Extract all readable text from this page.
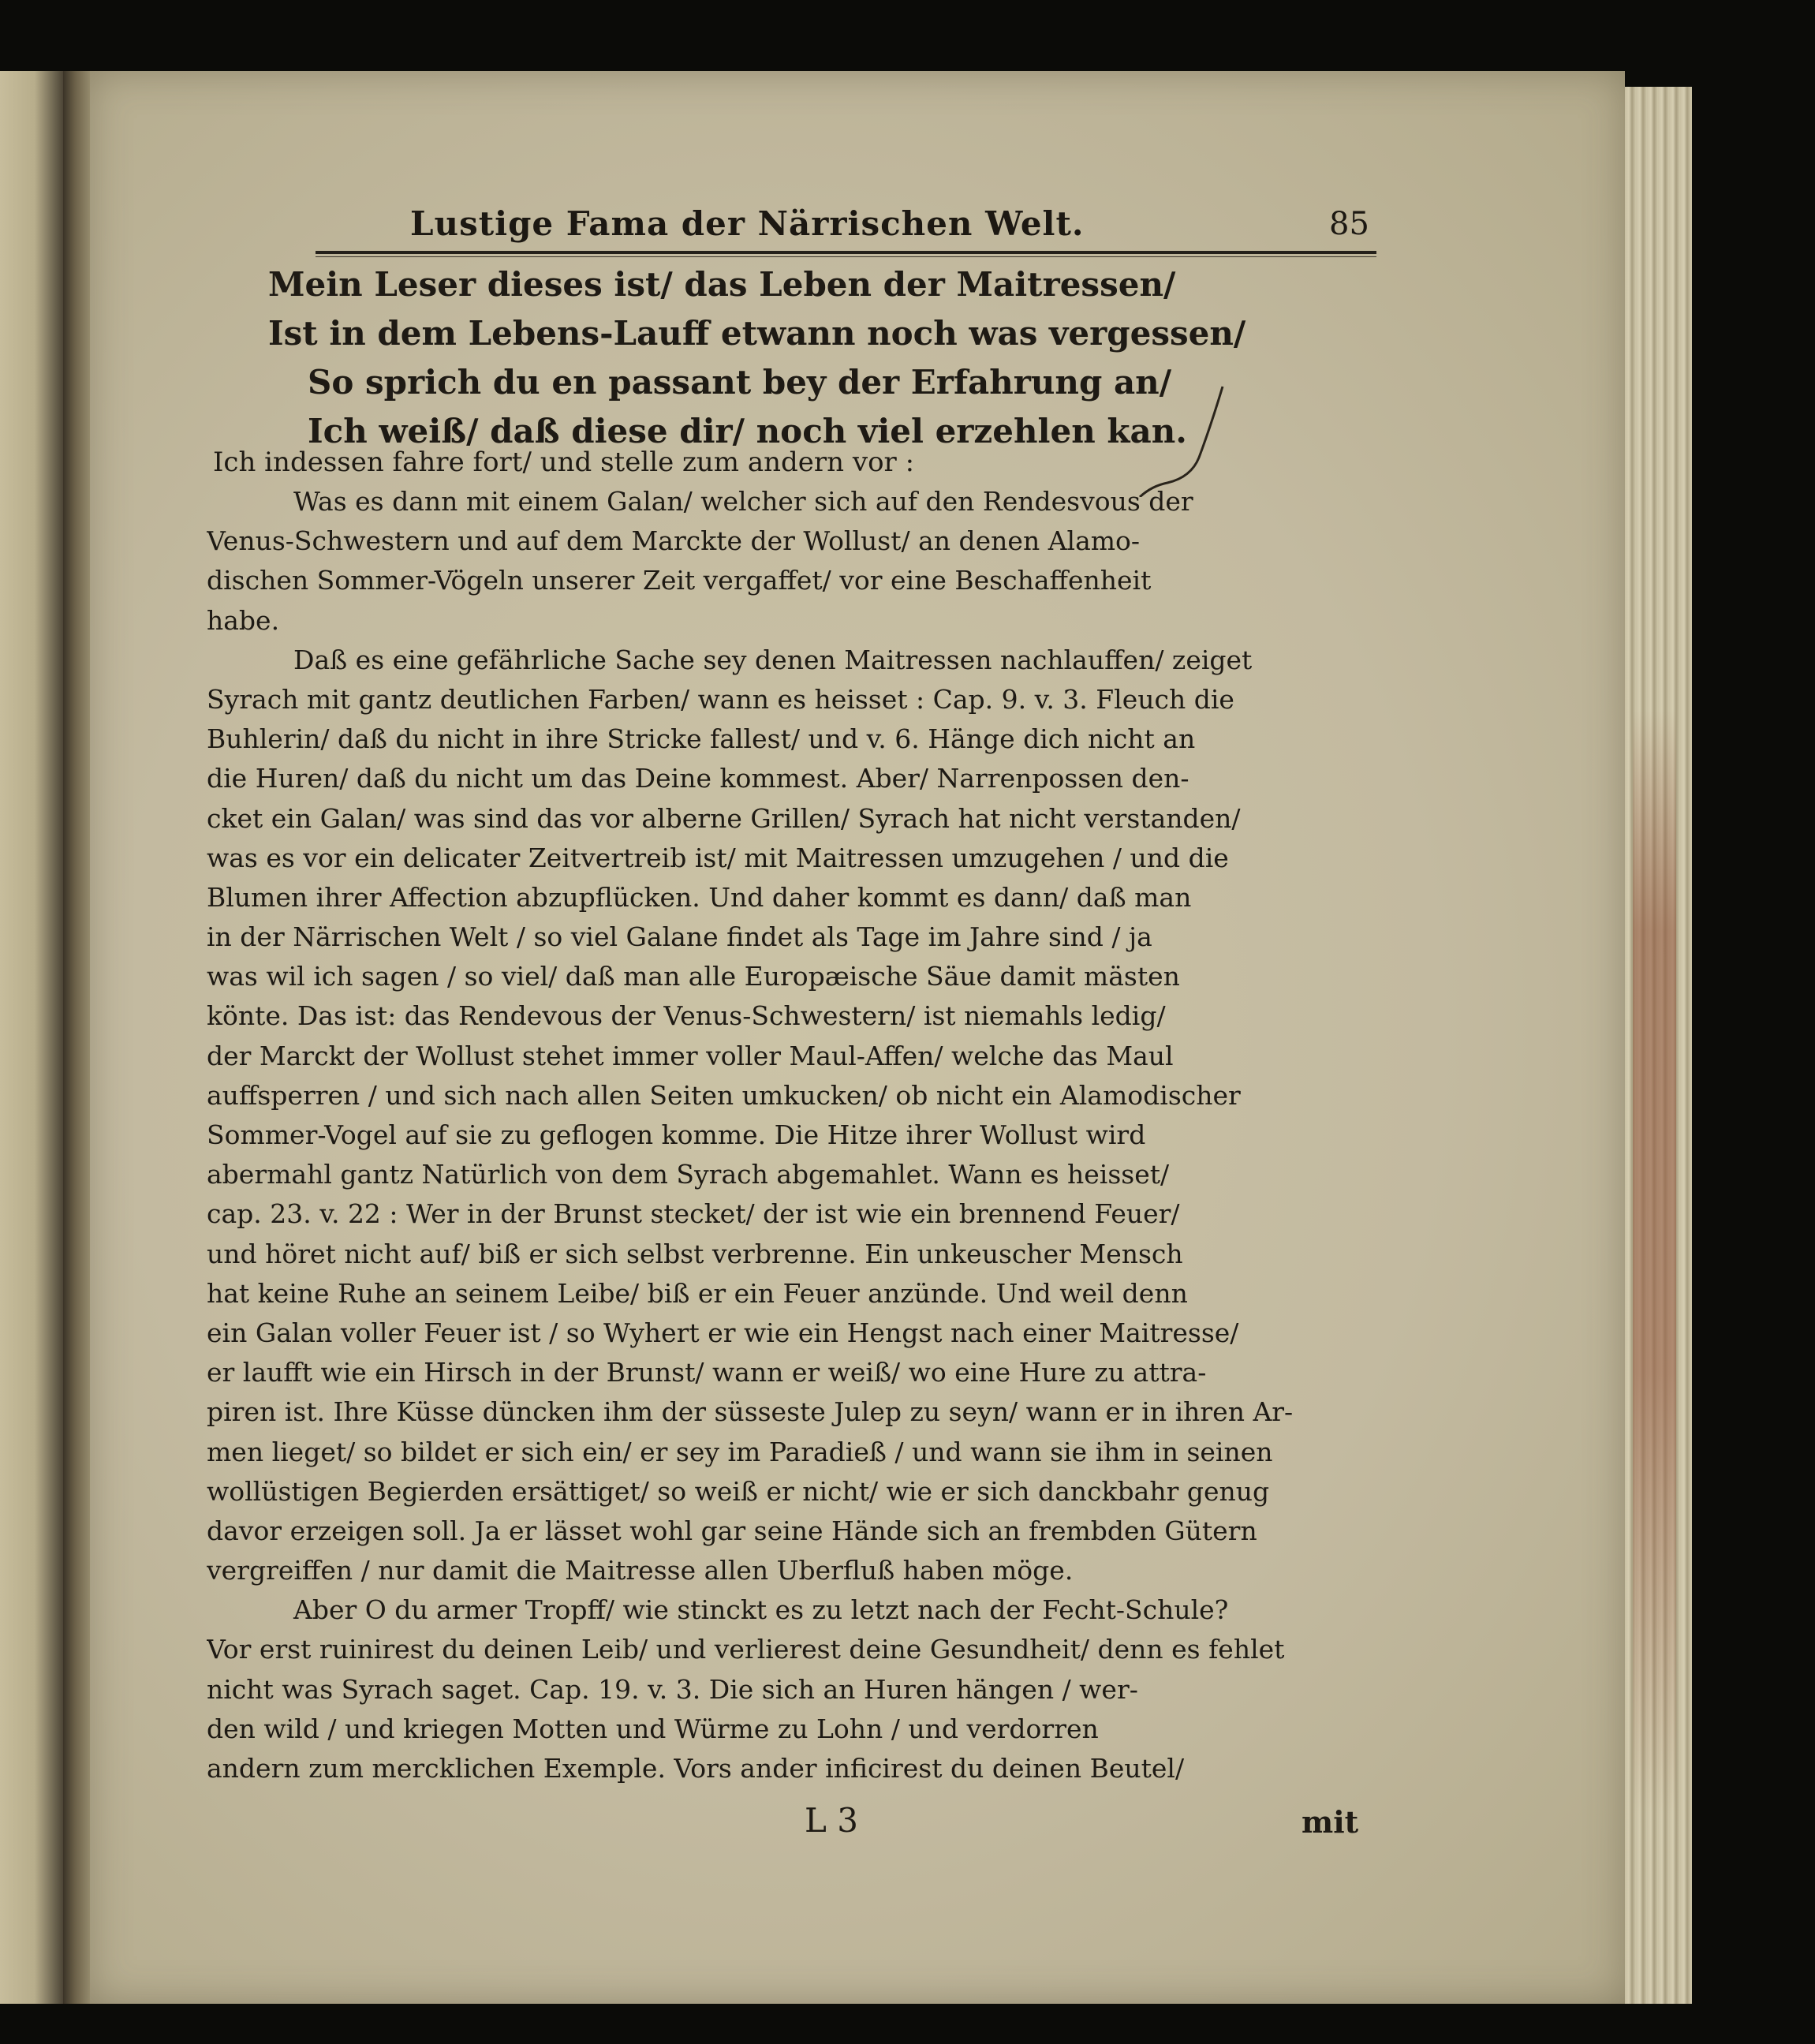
Lustige Fama der Närrischen Welt.	85
Mein Leser dieses ist/ das Leben der Maitressen/
Ist in dem Lebens-Lauff etwann noch was vergessen/
So sprich du en passant bey der Erfahrung an/
Ich weiß/ daß diese dir/ noch viel erzehlen kan.
Ich indessen fahre fort/ und stelle zum andern vor :
Was es dann mit einem Galan/ welcher sich auf den Rendesvous der
Venus-Schwestern und auf dem Marckte der Wollust/ an denen Alamo-
dischen Sommer-Vögeln unserer Zeit vergaffet/ vor eine Beschaffenheit
habe.
Daß es eine gefährliche Sache sey denen Maitressen nachlauffen/ zeiget
Syrach mit gantz deutlichen Farben/ wann es heisset : Cap. 9. v. 3. Fleuch die
Buhlerin/ daß du nicht in ihre Stricke fallest/ und v. 6. Hänge dich nicht an
die Huren/ daß du nicht um das Deine kommest. Aber/ Narrenpossen den-
cket ein Galan/ was sind das vor alberne Grillen/ Syrach hat nicht verstanden/
was es vor ein delicater Zeitvertreib ist/ mit Maitressen umzugehen / und die
Blumen ihrer Affection abzupflücken. Und daher kommt es dann/ daß man
in der Närrischen Welt / so viel Galane findet als Tage im Jahre sind / ja
was wil ich sagen / so viel/ daß man alle Europæische Säue damit mästen
könte. Das ist: das Rendevous der Venus-Schwestern/ ist niemahls ledig/
der Marckt der Wollust stehet immer voller Maul-Affen/ welche das Maul
auffsperren / und sich nach allen Seiten umkucken/ ob nicht ein Alamodischer
Sommer-Vogel auf sie zu geflogen komme. Die Hitze ihrer Wollust wird
abermahl gantz Natürlich von dem Syrach abgemahlet. Wann es heisset/
cap. 23. v. 22 : Wer in der Brunst stecket/ der ist wie ein brennend Feuer/
und höret nicht auf/ biß er sich selbst verbrenne. Ein unkeuscher Mensch
hat keine Ruhe an seinem Leibe/ biß er ein Feuer anzünde. Und weil denn
ein Galan voller Feuer ist / so Wyhert er wie ein Hengst nach einer Maitresse/
er laufft wie ein Hirsch in der Brunst/ wann er weiß/ wo eine Hure zu attra-
piren ist. Ihre Küsse düncken ihm der süsseste Julep zu seyn/ wann er in ihren Ar-
men lieget/ so bildet er sich ein/ er sey im Paradieß / und wann sie ihm in seinen
wollüstigen Begierden ersättiget/ so weiß er nicht/ wie er sich danckbahr genug
davor erzeigen soll. Ja er lässet wohl gar seine Hände sich an frembden Gütern
vergreiffen / nur damit die Maitresse allen Uberfluß haben möge.
Aber O du armer Tropff/ wie stinckt es zu letzt nach der Fecht-Schule?
Vor erst ruinirest du deinen Leib/ und verlierest deine Gesundheit/ denn es fehlet
nicht was Syrach saget. Cap. 19. v. 3. Die sich an Huren hängen / wer-
den wild / und kriegen Motten und Würme zu Lohn / und verdorren
andern zum mercklichen Exemple. Vors ander inficirest du deinen Beutel/
L 3	mit
